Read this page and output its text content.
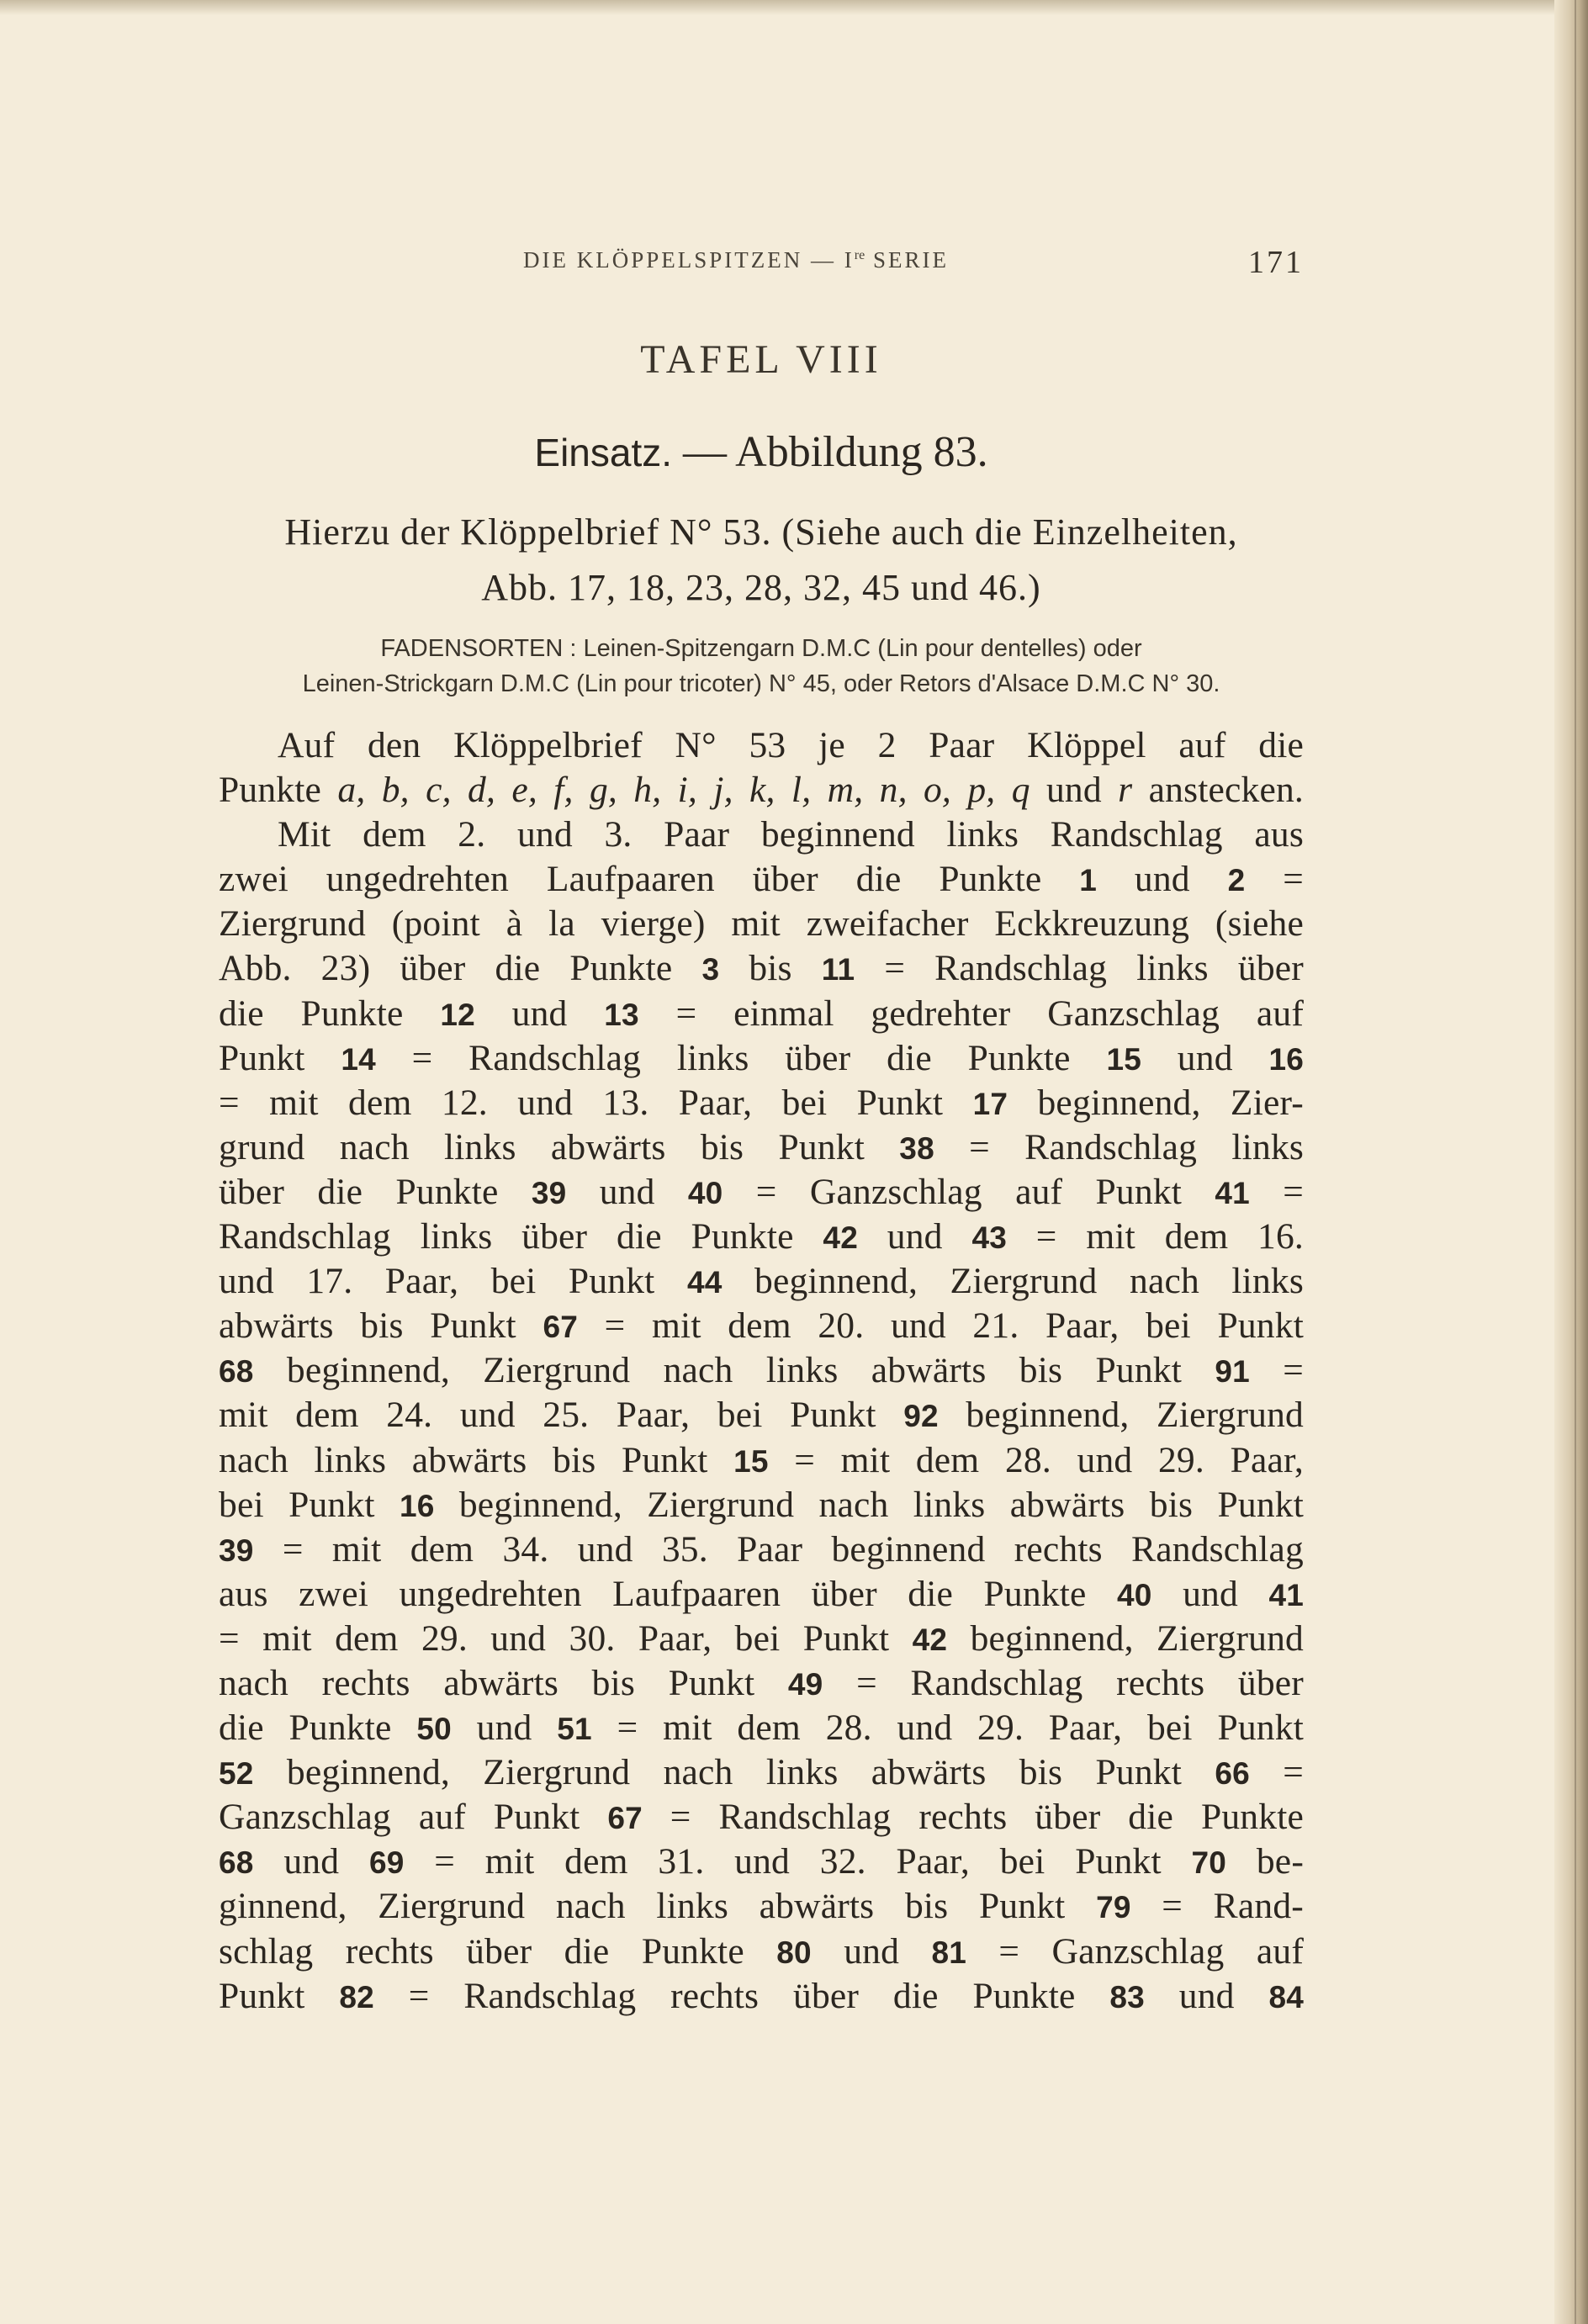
DIE KLÖPPELSPITZEN — Ire SERIE	171
TAFEL VIII
Einsatz. — Abbildung 83.
Hierzu der Klöppelbrief N° 53. (Siehe auch die Einzelheiten,
Abb. 17, 18, 23, 28, 32, 45 und 46.)
FADENSORTEN : Leinen-Spitzengarn D.M.C (Lin pour dentelles) oder
Leinen-Strickgarn D.M.C (Lin pour tricoter) N° 45, oder Retors d'Alsace D.M.C N° 30.
Auf den Klöppelbrief N° 53 je 2 Paar Klöppel auf die
Punkte a, b, c, d, e, f, g, h, i, j, k, l, m, n, o, p, q und r anstecken.
Mit dem 2. und 3. Paar beginnend links Randschlag aus
zwei ungedrehten Laufpaaren über die Punkte 1 und 2 =
Ziergrund (point à la vierge) mit zweifacher Eckkreuzung (siehe
Abb. 23) über die Punkte 3 bis 11 = Randschlag links über
die Punkte 12 und 13 = einmal gedrehter Ganzschlag auf
Punkt 14 = Randschlag links über die Punkte 15 und 16
= mit dem 12. und 13. Paar, bei Punkt 17 beginnend, Zier-
grund nach links abwärts bis Punkt 38 = Randschlag links
über die Punkte 39 und 40 = Ganzschlag auf Punkt 41 =
Randschlag links über die Punkte 42 und 43 = mit dem 16.
und 17. Paar, bei Punkt 44 beginnend, Ziergrund nach links
abwärts bis Punkt 67 = mit dem 20. und 21. Paar, bei Punkt
68 beginnend, Ziergrund nach links abwärts bis Punkt 91 =
mit dem 24. und 25. Paar, bei Punkt 92 beginnend, Ziergrund
nach links abwärts bis Punkt 15 = mit dem 28. und 29. Paar,
bei Punkt 16 beginnend, Ziergrund nach links abwärts bis Punkt
39 = mit dem 34. und 35. Paar beginnend rechts Randschlag
aus zwei ungedrehten Laufpaaren über die Punkte 40 und 41
= mit dem 29. und 30. Paar, bei Punkt 42 beginnend, Ziergrund
nach rechts abwärts bis Punkt 49 = Randschlag rechts über
die Punkte 50 und 51 = mit dem 28. und 29. Paar, bei Punkt
52 beginnend, Ziergrund nach links abwärts bis Punkt 66 =
Ganzschlag auf Punkt 67 = Randschlag rechts über die Punkte
68 und 69 = mit dem 31. und 32. Paar, bei Punkt 70 be-
ginnend, Ziergrund nach links abwärts bis Punkt 79 = Rand-
schlag rechts über die Punkte 80 und 81 = Ganzschlag auf
Punkt 82 = Randschlag rechts über die Punkte 83 und 84
